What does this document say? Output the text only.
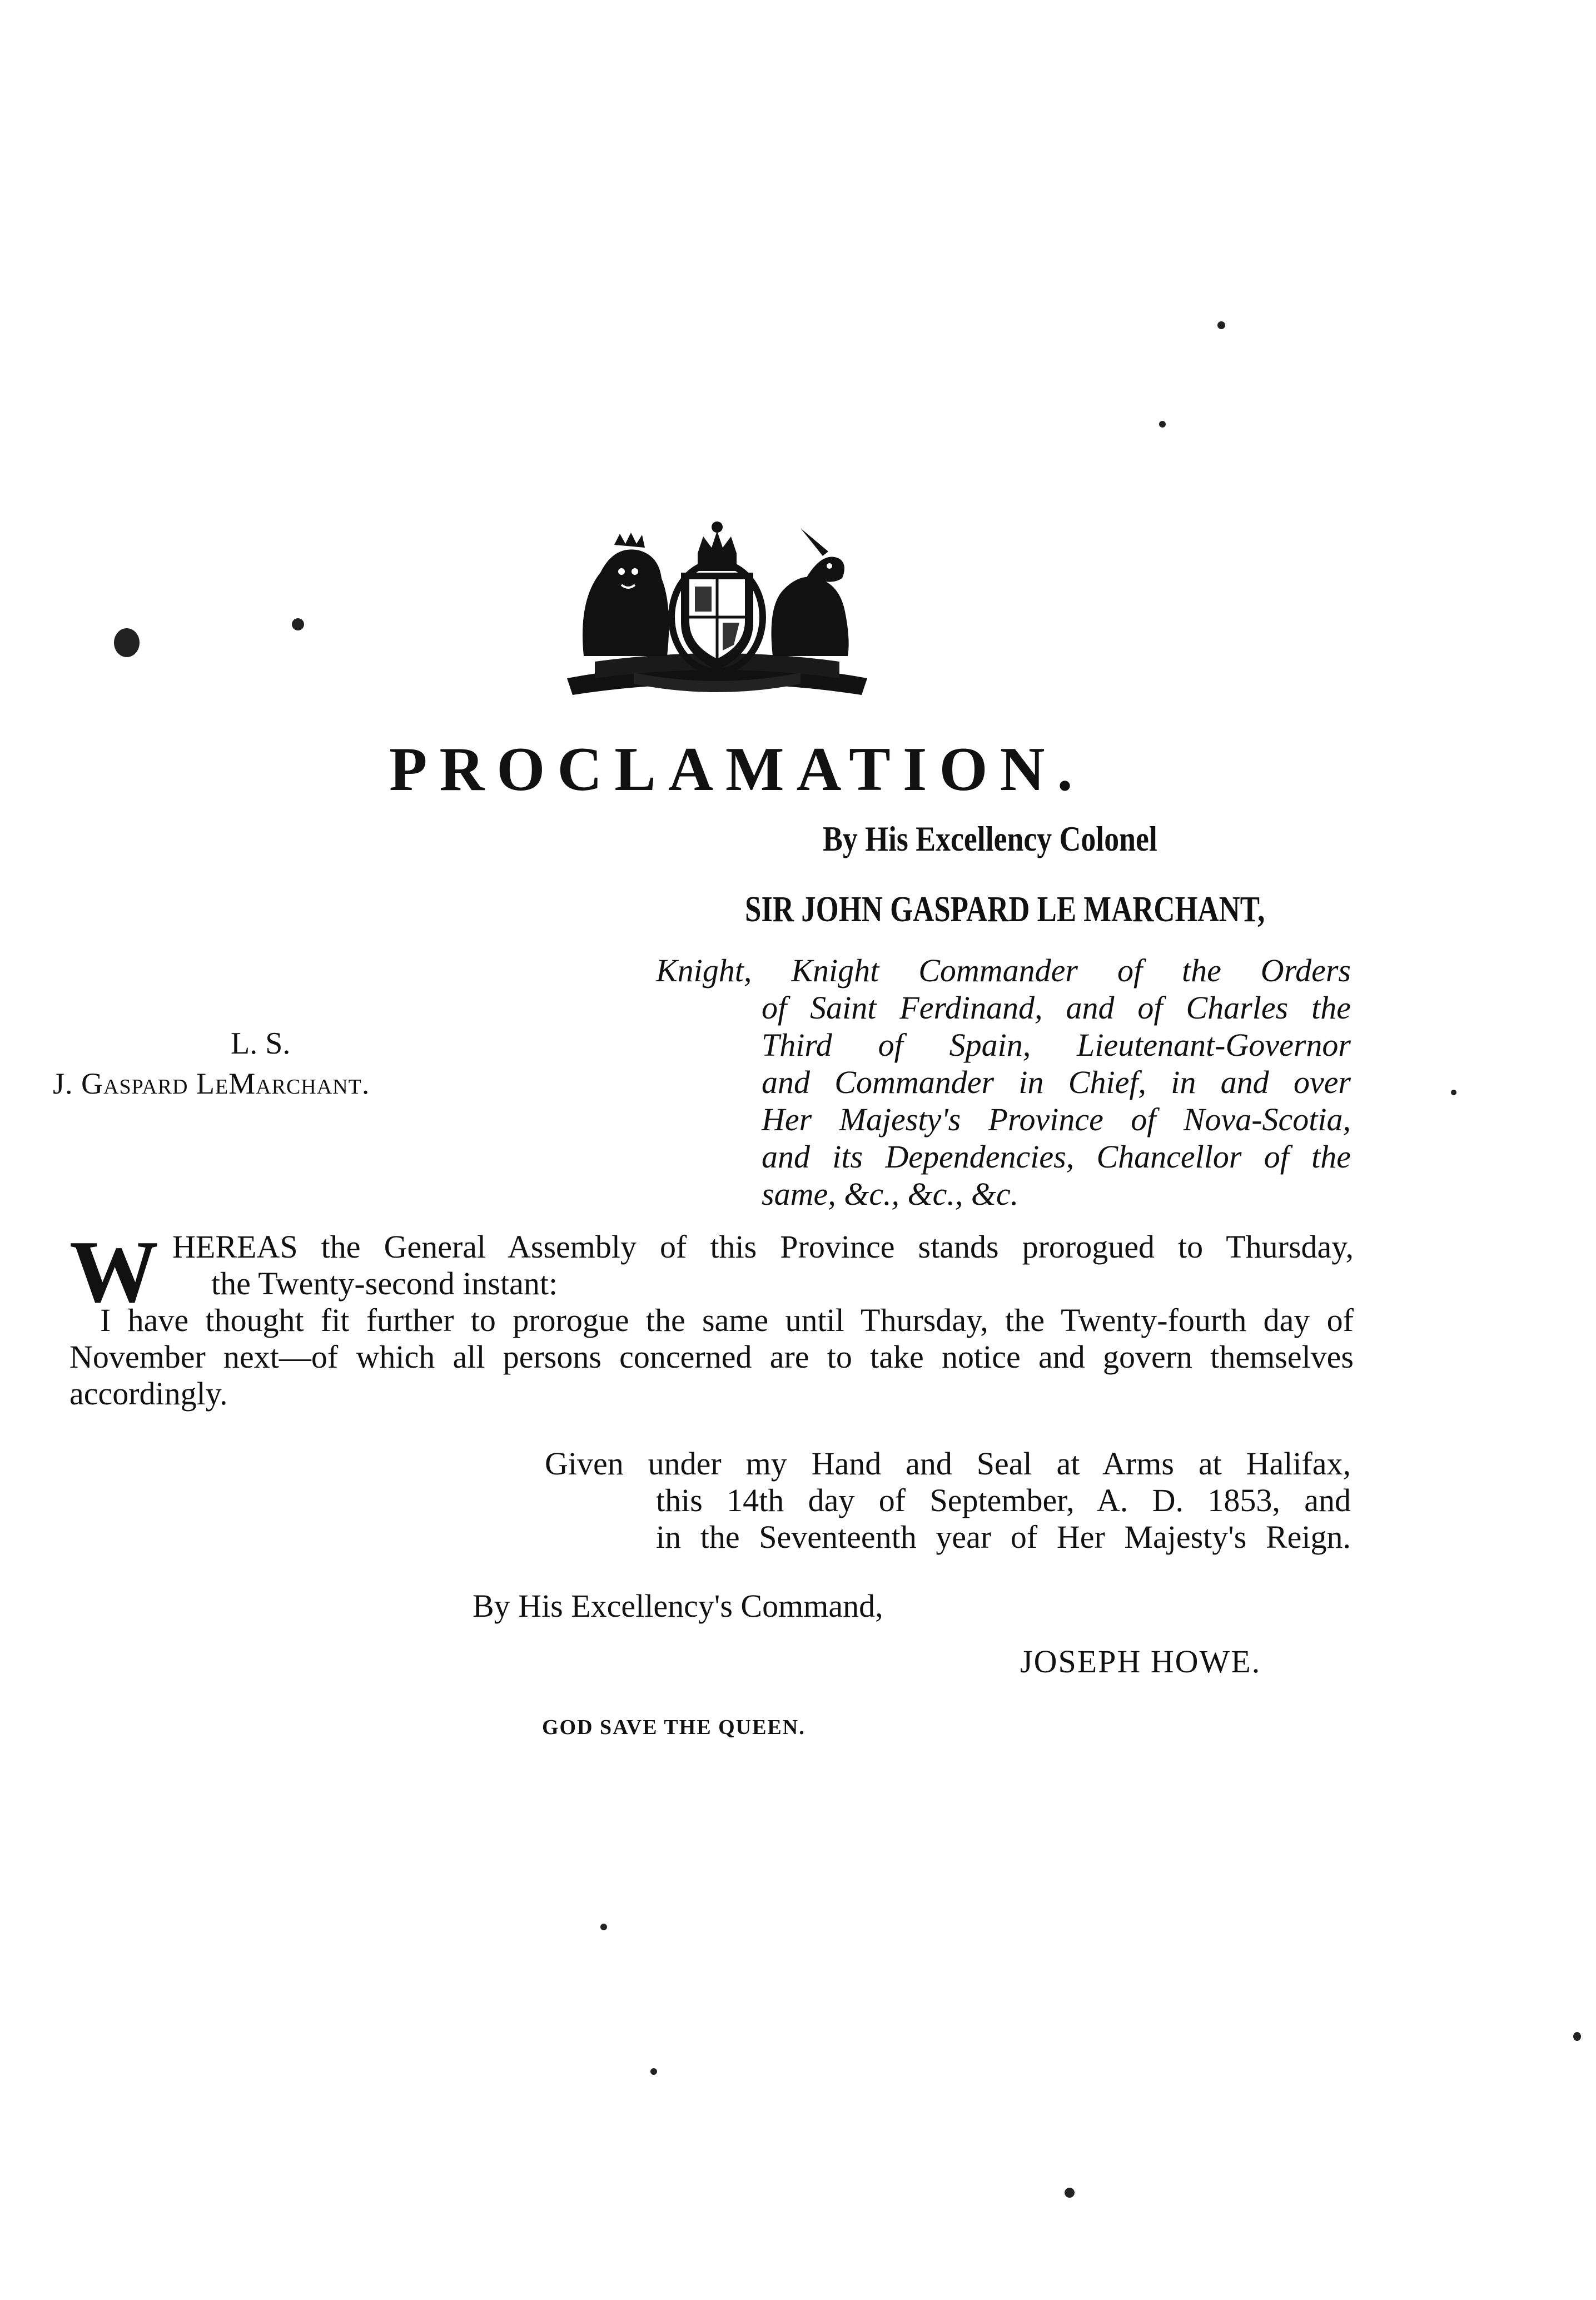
PROCLAMATION.
By His Excellency Colonel
SIR JOHN GASPARD LE MARCHANT,
L. S.
J. Gaspard LeMarchant.
Knight, Knight Commander of the Orders
of Saint Ferdinand, and of Charles the
Third of Spain, Lieutenant-Governor
and Commander in Chief, in and over
Her Majesty's Province of Nova-Scotia,
and its Dependencies, Chancellor of the
same, &c., &c., &c.
W HEREAS the General Assembly of this Province stands prorogued to Thursday,
the Twenty-second instant:
I have thought fit further to prorogue the same until Thursday, the Twenty-fourth day of November next—of which all persons concerned are to take notice and govern themselves accordingly.
Given under my Hand and Seal at Arms at Halifax,
this 14th day of September, A. D. 1853, and
in the Seventeenth year of Her Majesty's Reign.
By His Excellency's Command,
JOSEPH HOWE.
GOD SAVE THE QUEEN.
